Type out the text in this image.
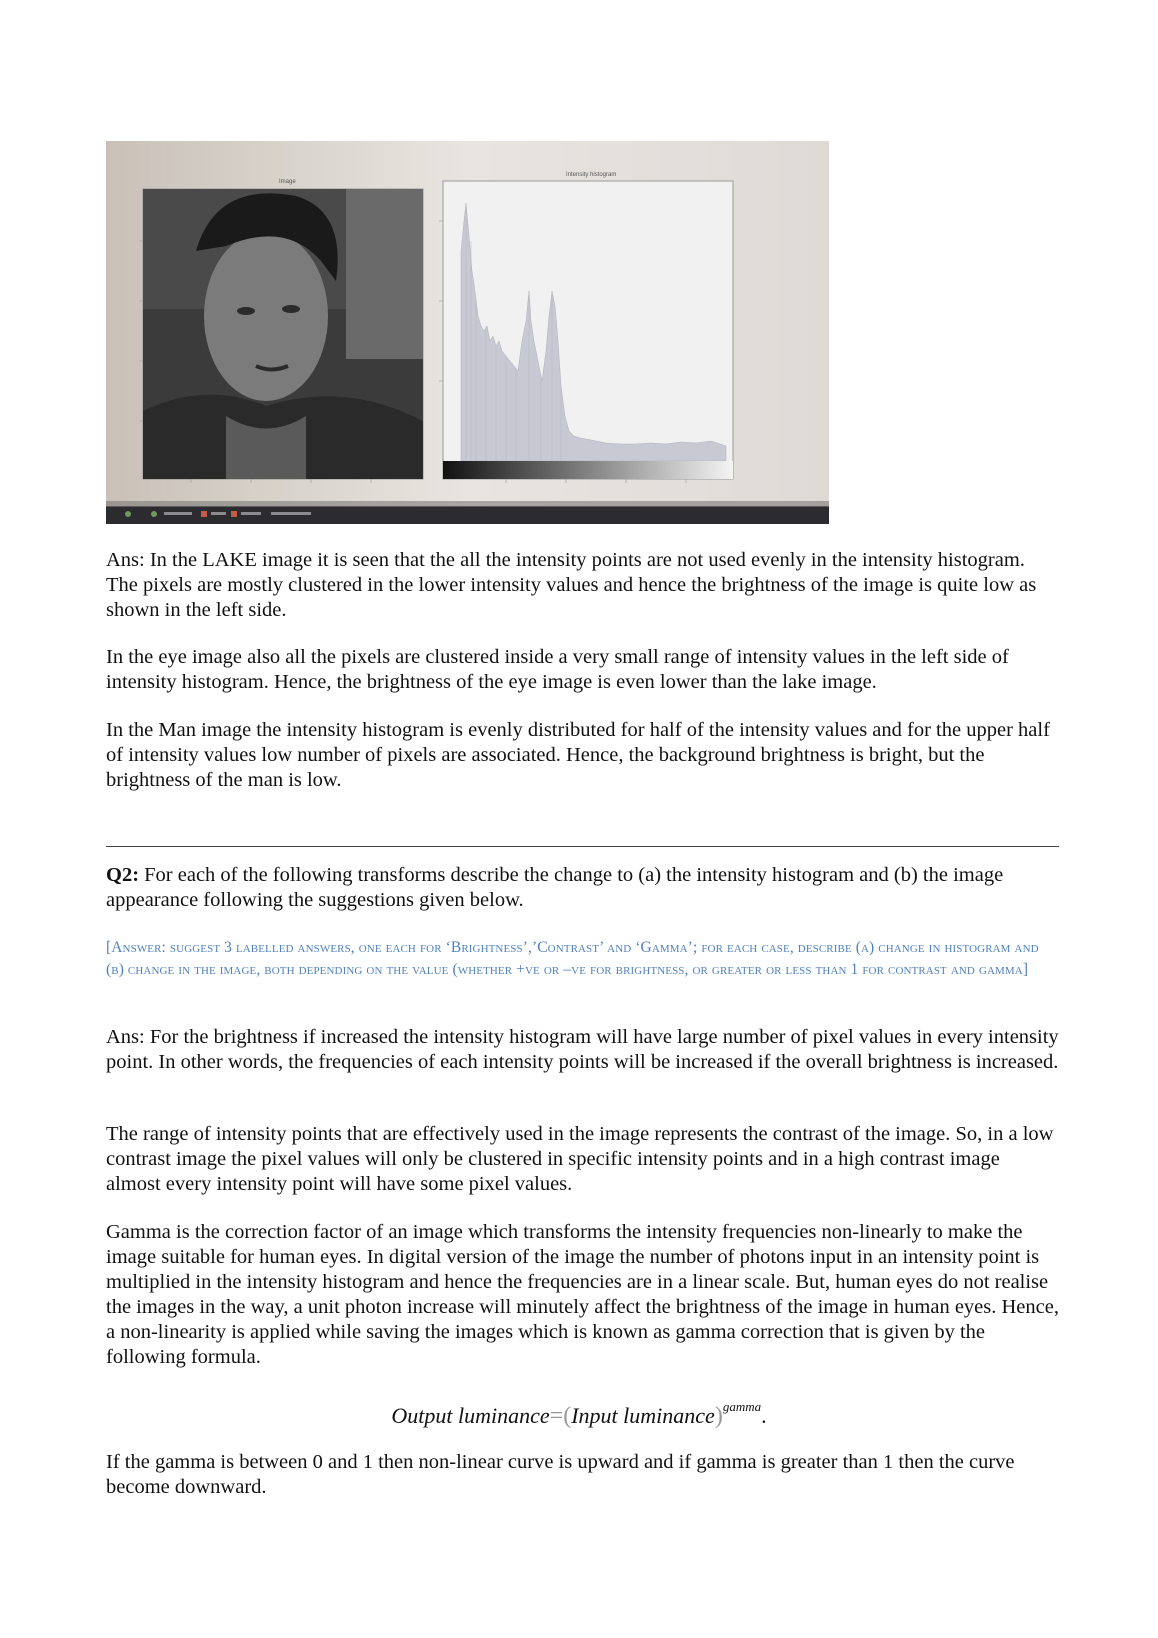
Image
Intensity histogram

Ans: In the LAKE image it is seen that the all the intensity points are not used evenly in the intensity histogram. The pixels are mostly clustered in the lower intensity values and hence the brightness of the image is quite low as shown in the left side.

In the eye image also all the pixels are clustered inside a very small range of intensity values in the left side of intensity histogram. Hence, the brightness of the eye image is even lower than the lake image.

In the Man image the intensity histogram is evenly distributed for half of the intensity values and for the upper half of intensity values low number of pixels are associated. Hence, the background brightness is bright, but the brightness of the man is low.

Q2: For each of the following transforms describe the change to (a) the intensity histogram and (b) the image appearance following the suggestions given below.

[Answer: suggest 3 labelled answers, one each for ‘Brightness’,’Contrast’ and ‘Gamma’; for each case, describe (a) change in histogram and (b) change in the image, both depending on the value (whether +ve or –ve for brightness, or greater or less than 1 for contrast and gamma]

Ans: For the brightness if increased the intensity histogram will have large number of pixel values in every intensity point. In other words, the frequencies of each intensity points will be increased if the overall brightness is increased.

The range of intensity points that are effectively used in the image represents the contrast of the image. So, in a low contrast image the pixel values will only be clustered in specific intensity points and in a high contrast image almost every intensity point will have some pixel values.

Gamma is the correction factor of an image which transforms the intensity frequencies non-linearly to make the image suitable for human eyes. In digital version of the image the number of photons input in an intensity point is multiplied in the intensity histogram and hence the frequencies are in a linear scale. But, human eyes do not realise the images in the way, a unit photon increase will minutely affect the brightness of the image in human eyes. Hence, a non-linearity is applied while saving the images which is known as gamma correction that is given by the following formula.

Output luminance=(Input luminance)$^{gamma}$.

If the gamma is between 0 and 1 then non-linear curve is upward and if gamma is greater than 1 then the curve become downward.
